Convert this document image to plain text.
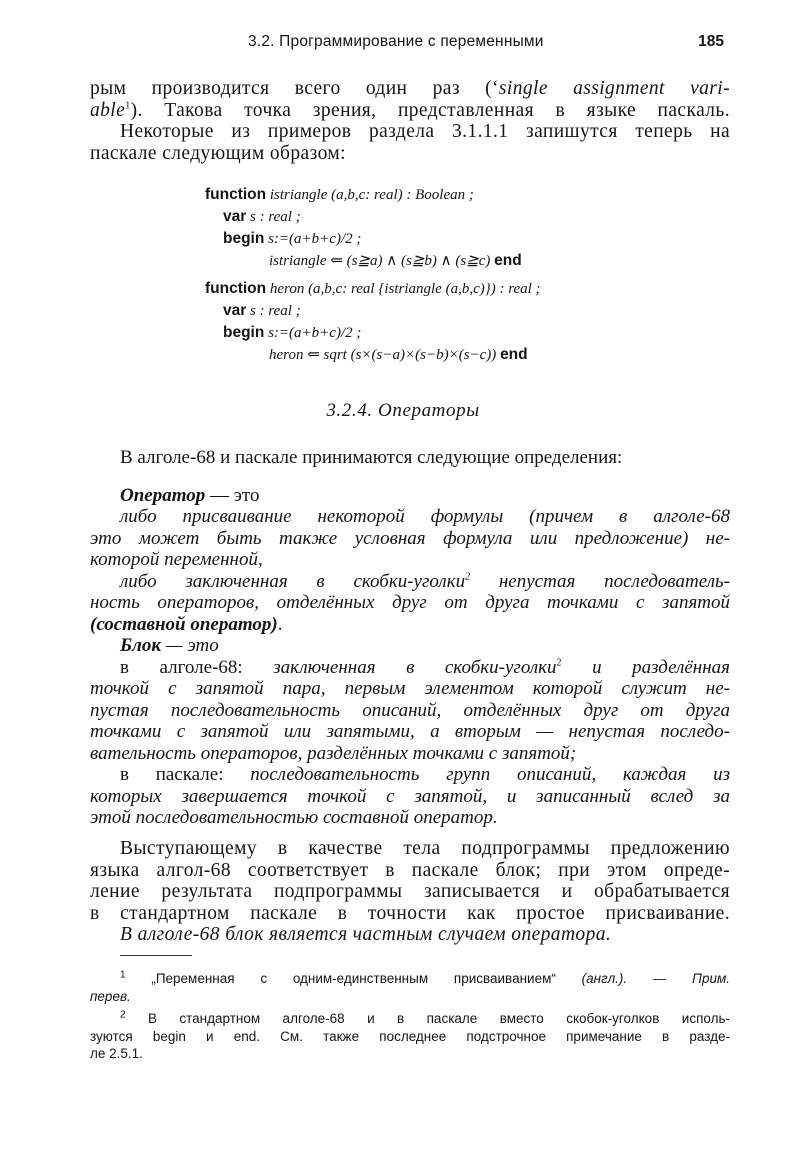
3.2. Программирование с переменными	185
рым производится всего один раз (‘single assignment vari-
able$^1$). Такова точка зрения, представленная в языке паскаль.
Некоторые из примеров раздела 3.1.1.1 запишутся теперь на
паскале следующим образом:
function istriangle (a,b,c: real) : Boolean ;
var s : real ;
begin s:=(a+b+c)/2 ;
istriangle ⇐ (s≧a) ∧ (s≧b) ∧ (s≧c) end
function heron (a,b,c: real {istriangle (a,b,c)}) : real ;
var s : real ;
begin s:=(a+b+c)/2 ;
heron ⇐ sqrt (s×(s−a)×(s−b)×(s−c)) end
3.2.4. Операторы
В алголе-68 и паскале принимаются следующие определения:
Оператор — это
либо присваивание некоторой формулы (причем в алголе-68
это может быть также условная формула или предложение) не-
которой переменной,
либо заключенная в скобки-уголки$^2$ непустая последователь-
ность операторов, отделённых друг от друга точками с запятой
(составной оператор).
Блок — это
в алголе-68: заключенная в скобки-уголки$^2$ и разделённая
точкой с запятой пара, первым элементом которой служит не-
пустая последовательность описаний, отделённых друг от друга
точками с запятой или запятыми, а вторым — непустая последо-
вательность операторов, разделённых точками с запятой;
в паскале: последовательность групп описаний, каждая из
которых завершается точкой с запятой, и записанный вслед за
этой последовательностью составной оператор.
Выступающему в качестве тела подпрограммы предложению
языка алгол-68 соответствует в паскале блок; при этом опреде-
ление результата подпрограммы записывается и обрабатывается
в стандартном паскале в точности как простое присваивание.
В алголе-68 блок является частным случаем оператора.
$^1$ „Переменная с одним-единственным присваиванием“ (англ.). — Прим.
перев.
$^2$ В стандартном алголе-68 и в паскале вместо скобок-уголков исполь-
зуются begin и end. См. также последнее подстрочное примечание в разде-
ле 2.5.1.
